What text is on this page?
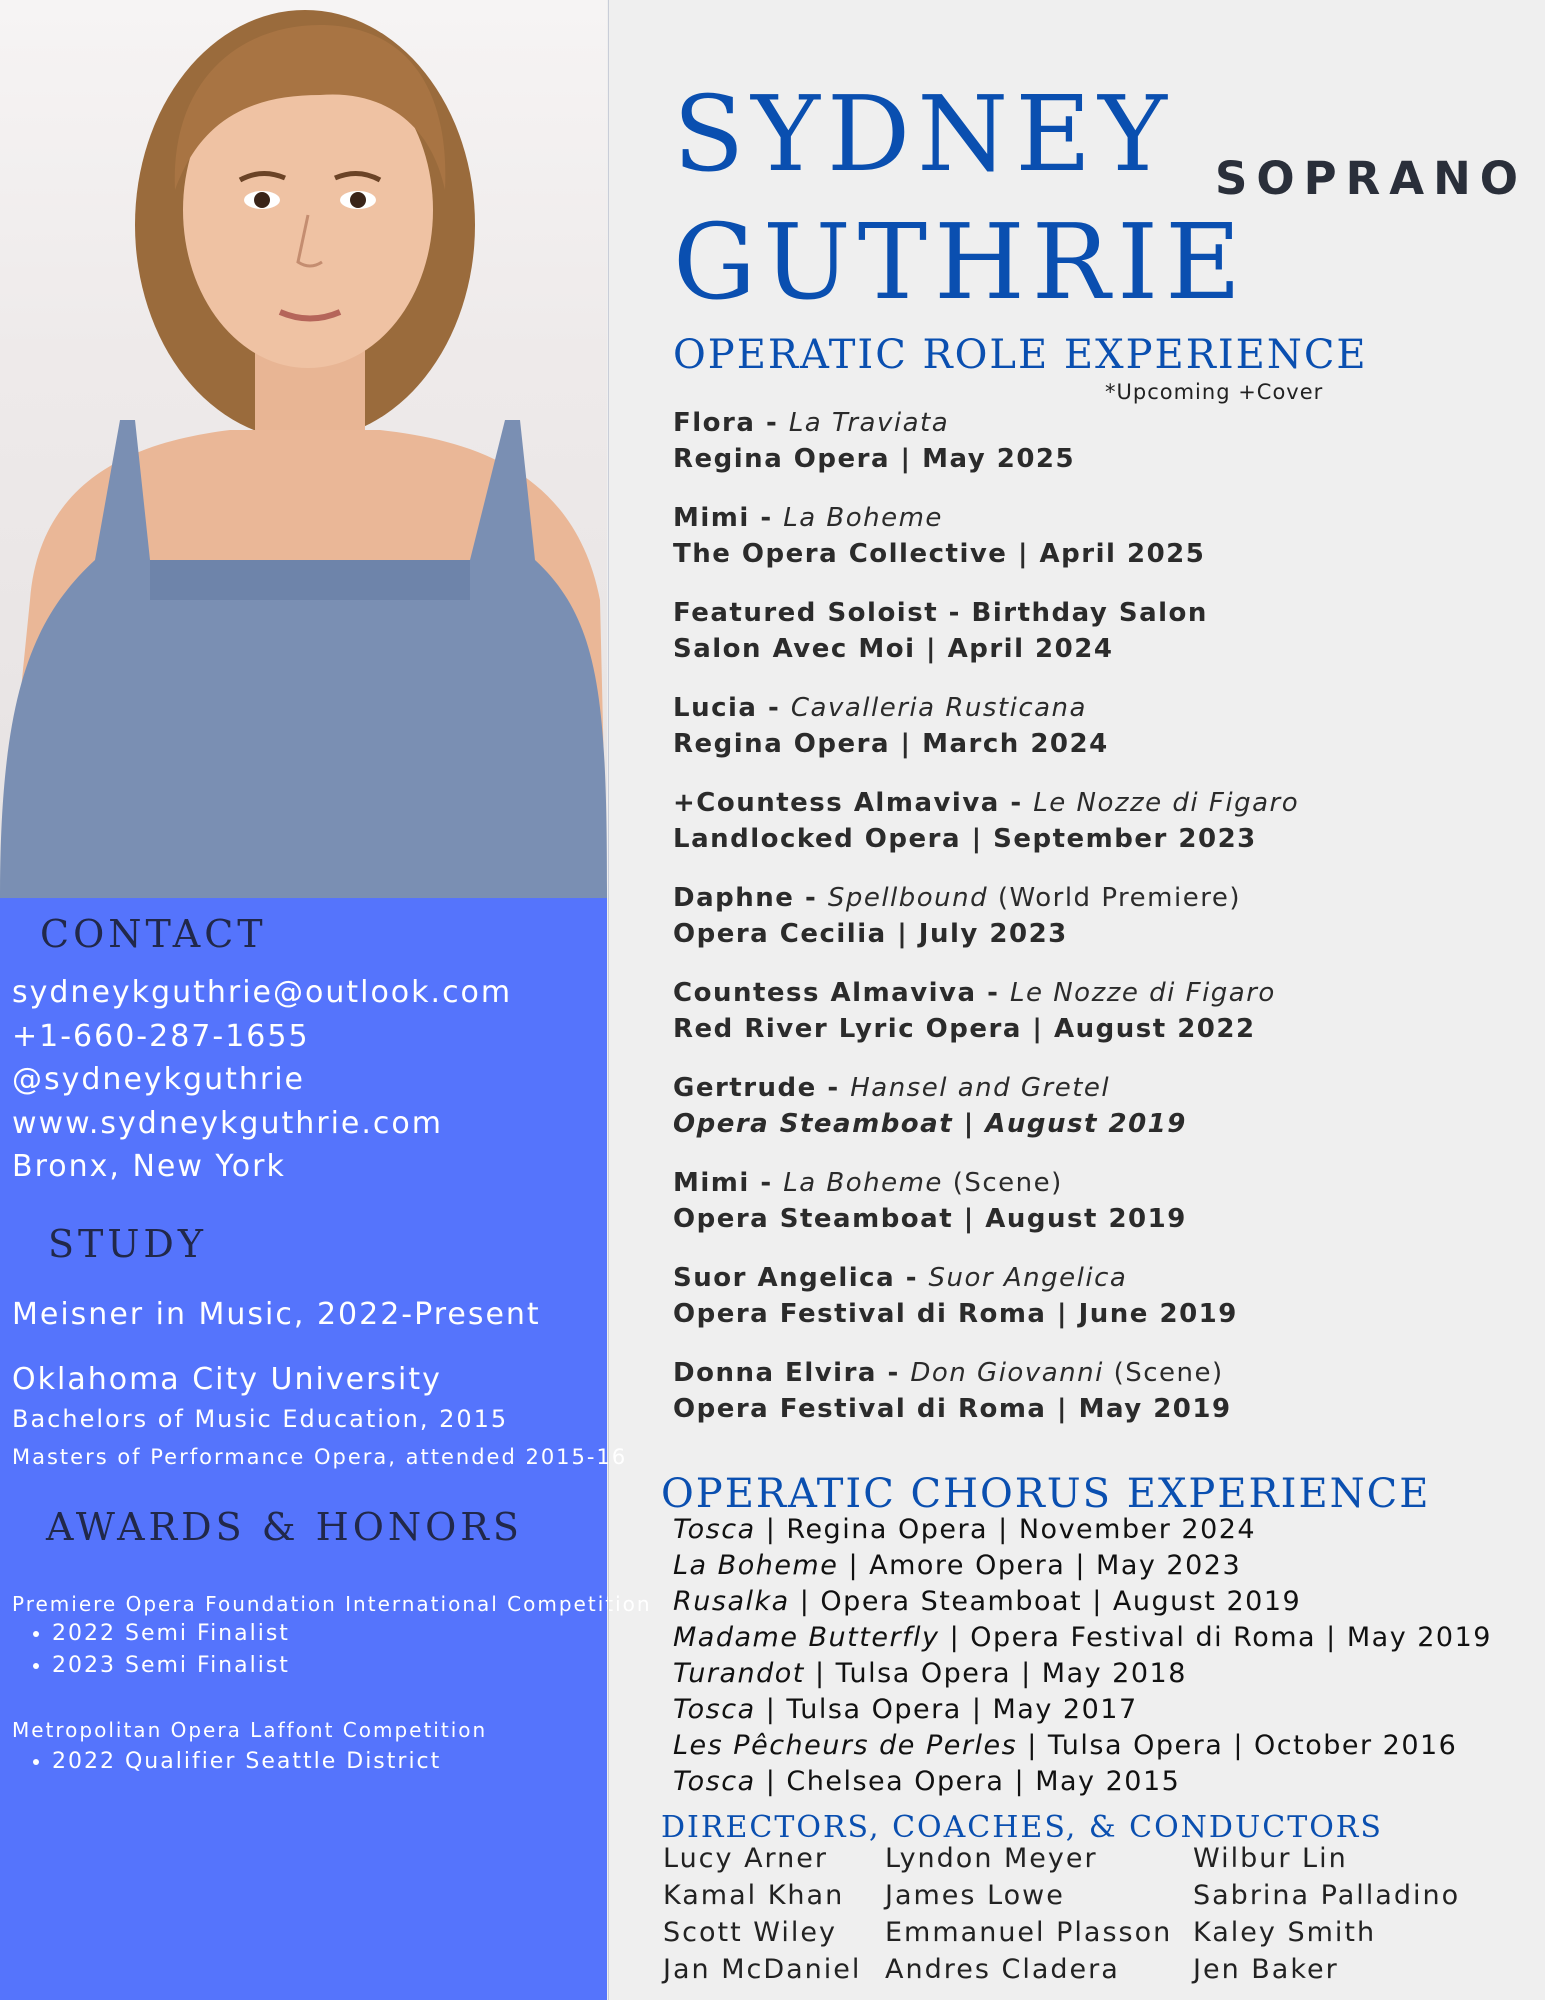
CONTACT
sydneykguthrie@outlook.com
+1-660-287-1655
@sydneykguthrie
www.sydneykguthrie.com
Bronx, New York
STUDY
Meisner in Music, 2022-Present
Oklahoma City University
Bachelors of Music Education, 2015
Masters of Performance Opera, attended 2015-16
AWARDS & HONORS
Premiere Opera Foundation International Competition
• 2022 Semi Finalist
• 2023 Semi Finalist
Metropolitan Opera Laffont Competition
• 2022 Qualifier Seattle District
SYDNEY
GUTHRIE
SOPRANO
OPERATIC ROLE EXPERIENCE
*Upcoming +Cover
Flora - La Traviata
Regina Opera | May 2025
Mimi - La Boheme
The Opera Collective | April 2025
Featured Soloist - Birthday Salon
Salon Avec Moi | April 2024
Lucia - Cavalleria Rusticana
Regina Opera | March 2024
+Countess Almaviva - Le Nozze di Figaro
Landlocked Opera | September 2023
Daphne - Spellbound (World Premiere)
Opera Cecilia | July 2023
Countess Almaviva - Le Nozze di Figaro
Red River Lyric Opera | August 2022
Gertrude - Hansel and Gretel
Opera Steamboat | August 2019
Mimi - La Boheme (Scene)
Opera Steamboat | August 2019
Suor Angelica - Suor Angelica
Opera Festival di Roma | June 2019
Donna Elvira - Don Giovanni (Scene)
Opera Festival di Roma | May 2019
OPERATIC CHORUS EXPERIENCE
Tosca | Regina Opera | November 2024
La Boheme | Amore Opera | May 2023
Rusalka | Opera Steamboat | August 2019
Madame Butterfly | Opera Festival di Roma | May 2019
Turandot | Tulsa Opera | May 2018
Tosca | Tulsa Opera | May 2017
Les Pêcheurs de Perles | Tulsa Opera | October 2016
Tosca | Chelsea Opera | May 2015
DIRECTORS, COACHES, & CONDUCTORS
Lucy Arner
Kamal Khan
Scott Wiley
Jan McDaniel
Lyndon Meyer
James Lowe
Emmanuel Plasson
Andres Cladera
Wilbur Lin
Sabrina Palladino
Kaley Smith
Jen Baker
